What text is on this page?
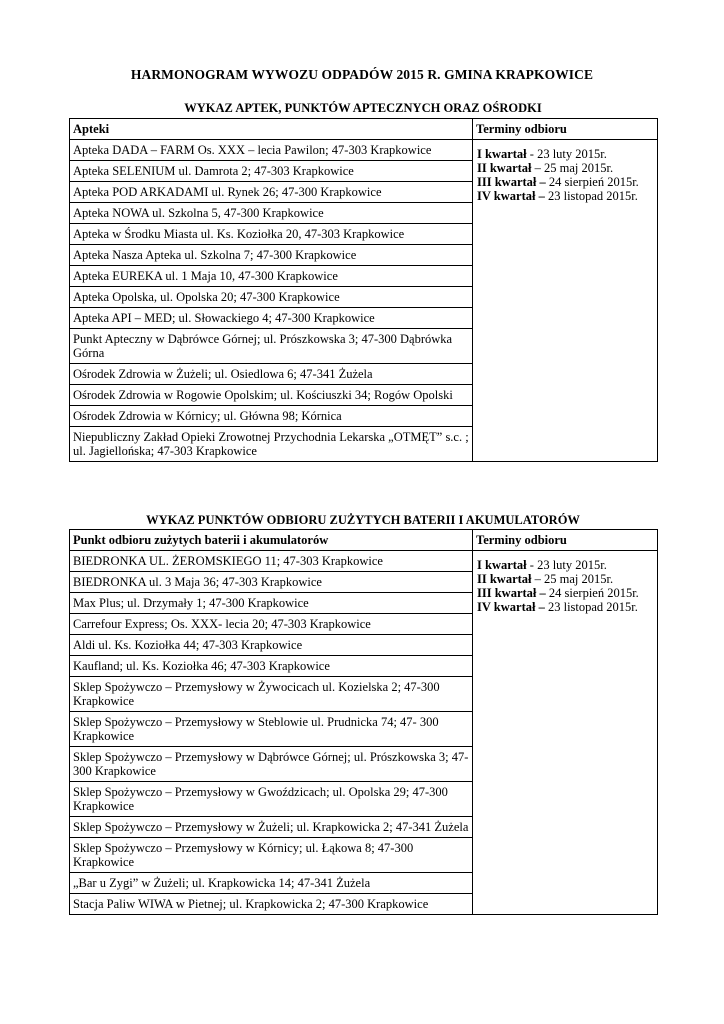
HARMONOGRAM WYWOZU ODPADÓW 2015 R. GMINA KRAPKOWICE
WYKAZ APTEK, PUNKTÓW APTECZNYCH ORAZ OŚRODKI
Apteki	Terminy odbioru
Apteka DADA – FARM Os. XXX – lecia Pawilon; 47-303 Krapkowice	I kwartał - 23 luty 2015r.
II kwartał – 25 maj 2015r.
III kwartał – 24 sierpień 2015r.
IV kwartał – 23 listopad 2015r.

Apteka SELENIUM ul. Damrota 2; 47-303 Krapkowice	
Apteka POD ARKADAMI ul. Rynek 26; 47-300 Krapkowice	
Apteka NOWA ul. Szkolna 5, 47-300 Krapkowice	
Apteka w Środku Miasta ul. Ks. Koziołka 20, 47-303 Krapkowice	
Apteka Nasza Apteka ul. Szkolna 7; 47-300 Krapkowice	
Apteka EUREKA ul. 1 Maja 10, 47-300 Krapkowice	
Apteka Opolska, ul. Opolska 20; 47-300 Krapkowice	
Apteka API – MED; ul. Słowackiego 4; 47-300 Krapkowice	
Punkt Apteczny w Dąbrówce Górnej; ul. Prószkowska 3; 47-300 Dąbrówka Górna	
Ośrodek Zdrowia w Żużeli; ul. Osiedlowa 6; 47-341 Żużela	
Ośrodek Zdrowia w Rogowie Opolskim; ul. Kościuszki 34; Rogów Opolski	
Ośrodek Zdrowia w Kórnicy; ul. Główna 98; Kórnica	
Niepubliczny Zakład Opieki Zrowotnej Przychodnia Lekarska „OTMĘT” s.c. ; ul. Jagiellońska; 47-303 Krapkowice	
WYKAZ PUNKTÓW ODBIORU ZUŻYTYCH BATERII I AKUMULATORÓW
Punkt odbioru zużytych baterii i akumulatorów	Terminy odbioru
BIEDRONKA UL. ŻEROMSKIEGO 11; 47-303 Krapkowice	I kwartał - 23 luty 2015r.
II kwartał – 25 maj 2015r.
III kwartał – 24 sierpień 2015r.
IV kwartał – 23 listopad 2015r.

BIEDRONKA ul. 3 Maja 36; 47-303 Krapkowice	
Max Plus; ul. Drzymały 1; 47-300 Krapkowice	
Carrefour Express; Os. XXX- lecia 20; 47-303 Krapkowice	
Aldi ul. Ks. Koziołka 44; 47-303 Krapkowice	
Kaufland; ul. Ks. Koziołka 46; 47-303 Krapkowice	
Sklep Spożywczo – Przemysłowy w Żywocicach ul. Kozielska 2; 47-300 Krapkowice	
Sklep Spożywczo – Przemysłowy w Steblowie ul. Prudnicka 74; 47- 300 Krapkowice	
Sklep Spożywczo – Przemysłowy w Dąbrówce Górnej; ul. Prószkowska 3; 47-300 Krapkowice	
Sklep Spożywczo – Przemysłowy w Gwoździcach; ul. Opolska 29; 47-300 Krapkowice	
Sklep Spożywczo – Przemysłowy w Żużeli; ul. Krapkowicka 2; 47-341 Żużela	
Sklep Spożywczo – Przemysłowy w Kórnicy; ul. Łąkowa 8; 47-300 Krapkowice	
„Bar u Zygi” w Żużeli; ul. Krapkowicka 14; 47-341 Żużela	
Stacja Paliw WIWA w Pietnej; ul. Krapkowicka 2; 47-300 Krapkowice	
